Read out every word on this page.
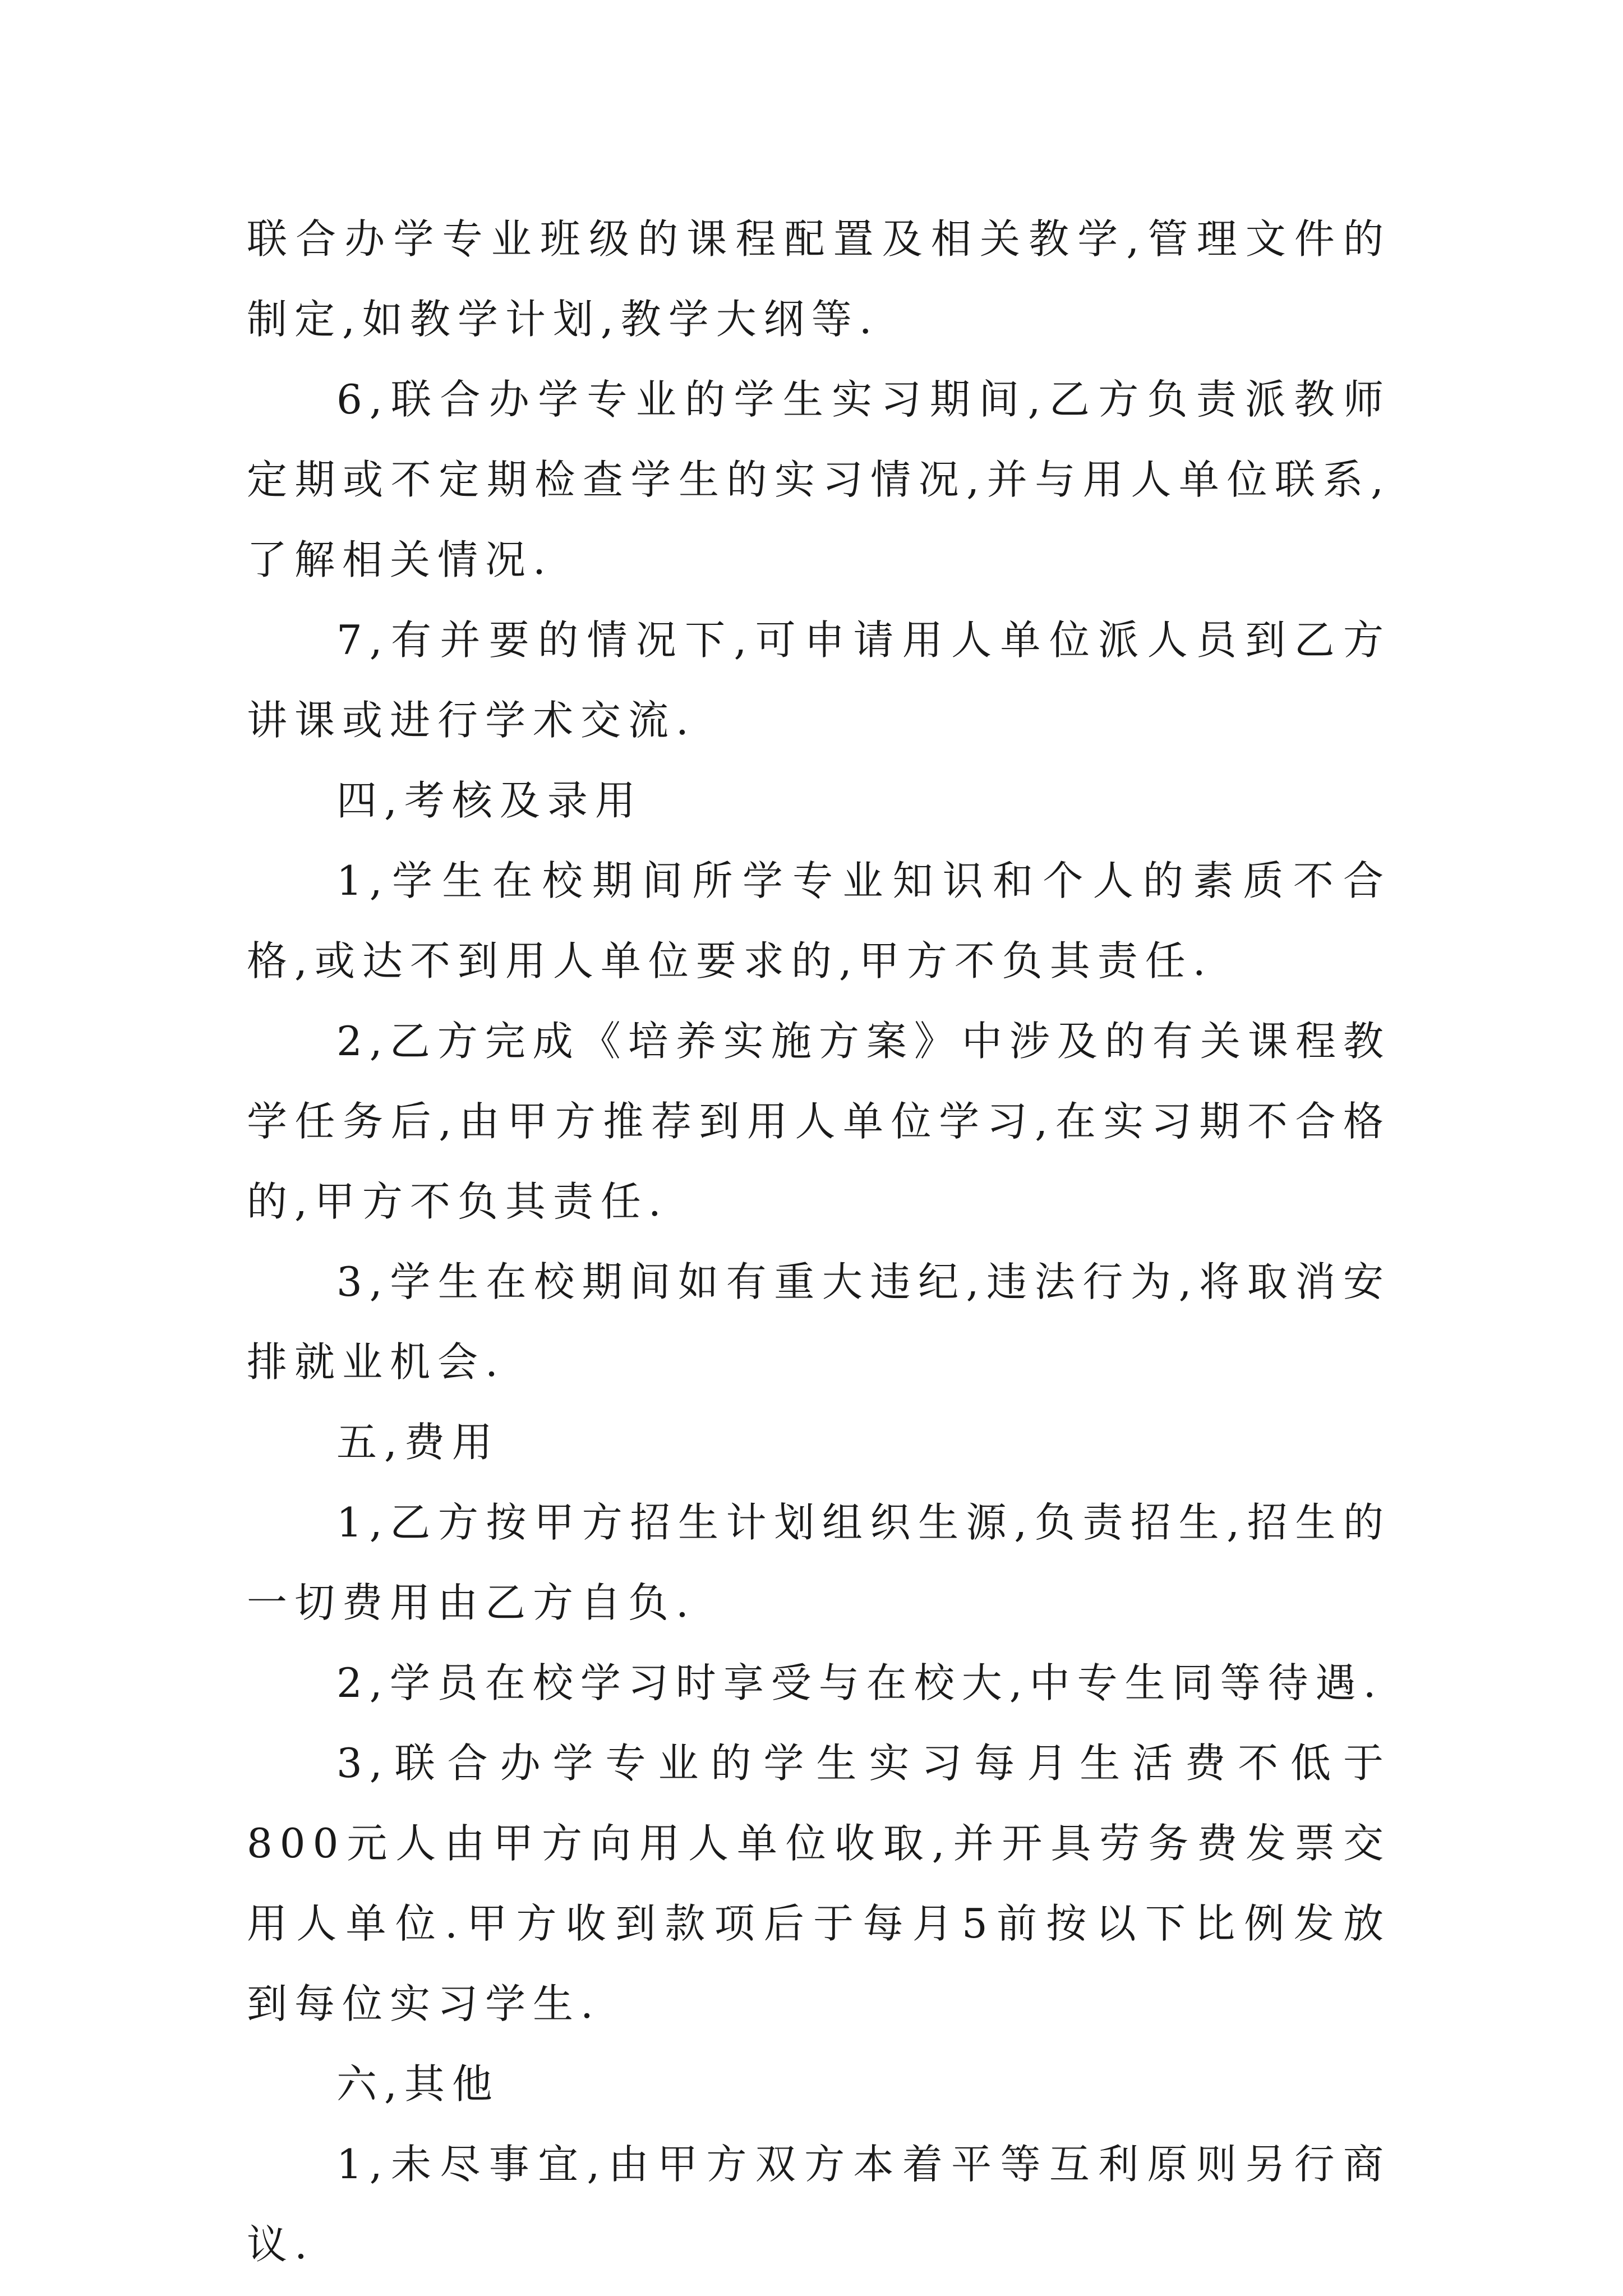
联合办学专业班级的课程配置及相关教学,管理文件的制定,如教学计划,教学大纲等.

6,联合办学专业的学生实习期间,乙方负责派教师定期或不定期检查学生的实习情况,并与用人单位联系,了解相关情况.

7,有并要的情况下,可申请用人单位派人员到乙方讲课或进行学术交流.

四,考核及录用

1,学生在校期间所学专业知识和个人的素质不合格,或达不到用人单位要求的,甲方不负其责任.

2,乙方完成《培养实施方案》中涉及的有关课程教学任务后,由甲方推荐到用人单位学习,在实习期不合格的,甲方不负其责任.

3,学生在校期间如有重大违纪,违法行为,将取消安排就业机会.

五,费用

1,乙方按甲方招生计划组织生源,负责招生,招生的一切费用由乙方自负.

2,学员在校学习时享受与在校大,中专生同等待遇.

3,联合办学专业的学生实习每月生活费不低于800元人由甲方向用人单位收取,并开具劳务费发票交用人单位.甲方收到款项后于每月5前按以下比例发放到每位实习学生.

六,其他

1,未尽事宜,由甲方双方本着平等互利原则另行商议.
